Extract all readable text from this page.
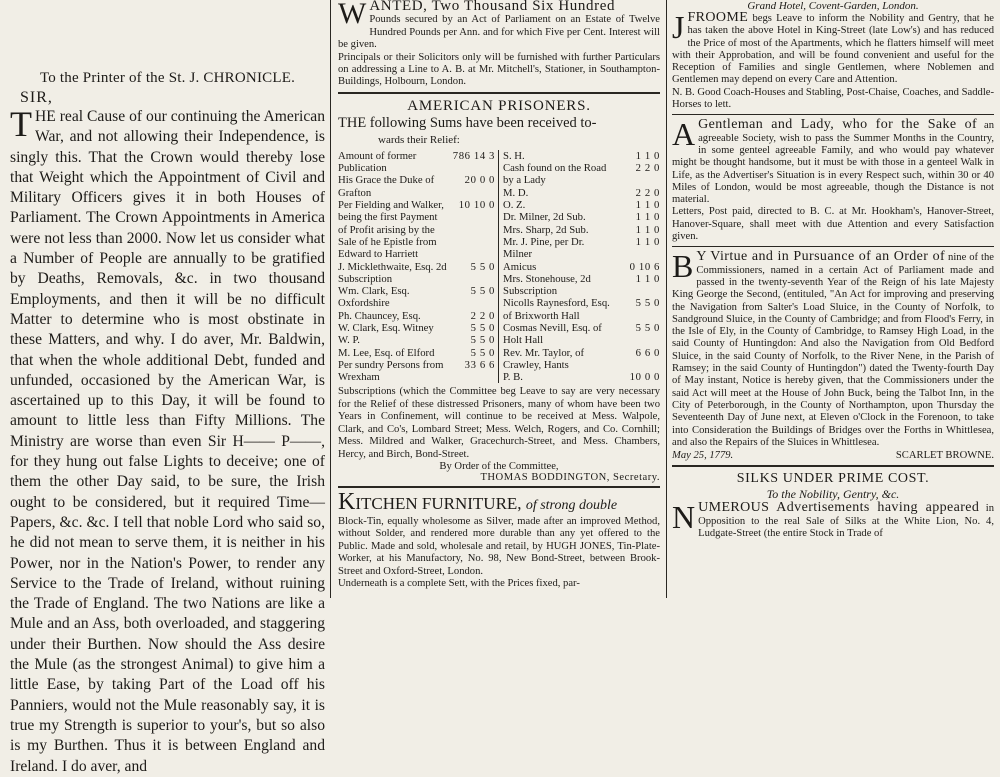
To the Printer of the St. J. CHRONICLE.
SIR,

THE real Cause of our continuing the American War, and not allowing their Independence, is singly this. That the Crown would thereby lose that Weight which the Appointment of Civil and Military Officers gives it in both Houses of Parliament. The Crown Appointments in America were not less than 2000. Now let us consider what a Number of People are annually to be gratified by Deaths, Removals, &c. in two thousand Employments, and then it will be no difficult Matter to determine who is most obstinate in these Matters, and why. I do aver, Mr. Baldwin, that when the whole additional Debt, funded and unfunded, occasioned by the American War, is ascertained up to this Day, it will be found to amount to little less than Fifty Millions. The Ministry are worse than even Sir H—— P——, for they hung out false Lights to deceive; one of them the other Day said, to be sure, the Irish ought to be considered, but it required Time—Papers, &c. &c. I tell that noble Lord who said so, he did not mean to serve them, it is neither in his Power, nor in the Nation's Power, to render any Service to the Trade of Ireland, without ruining the Trade of England. The two Nations are like a Mule and an Ass, both overloaded, and staggering under their Burthen. Now should the Ass desire the Mule (as the strongest Animal) to give him a little Ease, by taking Part of the Load off his Panniers, would not the Mule reasonably say, it is true my Strength is superior to your's, but so also is my Burthen. Thus it is between England and Ireland. I do aver, and

W ANTED, Two Thousand Six Hundred
Pounds secured by an Act of Parliament on an Estate of Twelve Hundred Pounds per Ann. and for which Five per Cent. Interest will be given.
Principals or their Solicitors only will be furnished with further Particulars on addressing a Line to A. B. at Mr. Mitchell's, Stationer, in Southampton-Buildings, Holbourn, London.
AMERICAN PRISONERS.
THE following Sums have been received to-
wards their Relief:
Amount of former Publication
786 14 3
His Grace the Duke of Grafton
20 0 0
Per Fielding and Walker, being the first Payment of Profit arising by the Sale of he Epistle from Edward to Harriett
10 10 0
J. Micklethwaite, Esq. 2d Subscription
5 5 0
Wm. Clark, Esq. Oxfordshire
5 5 0
Ph. Chauncey, Esq.	2 2 0
W. Clark, Esq. Witney	5 5 0
W. P.	5 5 0
M. Lee, Esq. of Elford	5 5 0
Per sundry Persons from Wrexham
33 6 6
S. H.	1 1 0
Cash found on the Road by a Lady
2 2 0
M. D.	2 2 0
O. Z.	1 1 0
Dr. Milner, 2d Sub.	1 1 0
Mrs. Sharp, 2d Sub.	1 1 0
Mr. J. Pine, per Dr. Milner
1 1 0
Amicus	0 10 6
Mrs. Stonehouse, 2d Subscription
1 1 0
Nicolls Raynesford, Esq. of Brixworth Hall
5 5 0
Cosmas Nevill, Esq. of Holt Hall
5 5 0
Rev. Mr. Taylor, of Crawley, Hants
6 6 0
P. B.	10 0 0
Subscriptions (which the Committee beg Leave to say are very necessary for the Relief of these distressed Prisoners, many of whom have been two Years in Confinement, will continue to be received at Mess. Walpole, Clark, and Co's, Lombard Street; Mess. Welch, Rogers, and Co. Cornhill; Mess. Mildred and Walker, Gracechurch-Street, and Mess. Chambers, Hercy, and Birch, Bond-Street.
By Order of the Committee,
THOMAS BODDINGTON, Secretary.
KITCHEN FURNITURE, of strong double
Block-Tin, equally wholesome as Silver, made after an improved Method, without Solder, and rendered more durable than any yet offered to the Public. Made and sold, wholesale and retail, by HUGH JONES, Tin-Plate-Worker, at his Manufactory, No. 98, New Bond-Street, between Brook-Street and Oxford-Street, London.
Underneath is a complete Sett, with the Prices fixed, par-
Grand Hotel, Covent-Garden, London.
J FROOME begs Leave to inform the Nobility and Gentry, that he has taken the above Hotel in King-Street (late Low's) and has reduced the Price of most of the Apartments, which he flatters himself will meet with their Approbation, and will be found convenient and useful for the Reception of Families and single Gentlemen, where Noblemen and Gentlemen may depend on every Care and Attention.
N. B. Good Coach-Houses and Stabling, Post-Chaise, Coaches, and Saddle-Horses to lett.
A Gentleman and Lady, who for the Sake of an agreeable Society, wish to pass the Summer Months in the Country, in some genteel agreeable Family, and who would pay whatever might be thought handsome, but it must be with those in a genteel Walk in Life, as the Advertiser's Situation is in every Respect such, within 30 or 40 Miles of London, would be most agreeable, though the Distance is not material.
Letters, Post paid, directed to B. C. at Mr. Hookham's, Hanover-Street, Hanover-Square, shall meet with due Attention and every Satisfaction given.
B Y Virtue and in Pursuance of an Order of nine of the Commissioners, named in a certain Act of Parliament made and passed in the twenty-seventh Year of the Reign of his late Majesty King George the Second, (entituled, "An Act for improving and preserving the Navigation from Salter's Load Sluice, in the County of Norfolk, to Sandground Sluice, in the County of Cambridge; and from Flood's Ferry, in the Isle of Ely, in the County of Cambridge, to Ramsey High Load, in the said County of Huntingdon: And also the Navigation from Old Bedford Sluice, in the said County of Norfolk, to the River Nene, in the Parish of Ramsey; in the said County of Huntingdon") dated the Twenty-fourth Day of May instant, Notice is hereby given, that the Commissioners under the said Act will meet at the House of John Buck, being the Talbot Inn, in the City of Peterborough, in the County of Northampton, upon Thursday the Seventeenth Day of June next, at Eleven o'Clock in the Forenoon, to take into Consideration the Buildings of Bridges over the Forths in Whittlesea, and also the Repairs of the Sluices in Whittlesea.
May 25, 1779.	SCARLET BROWNE.
SILKS UNDER PRIME COST.
To the Nobility, Gentry, &c.
N UMEROUS Advertisements having appeared in Opposition to the real Sale of Silks at the White Lion, No. 4, Ludgate-Street (the entire Stock in Trade of
